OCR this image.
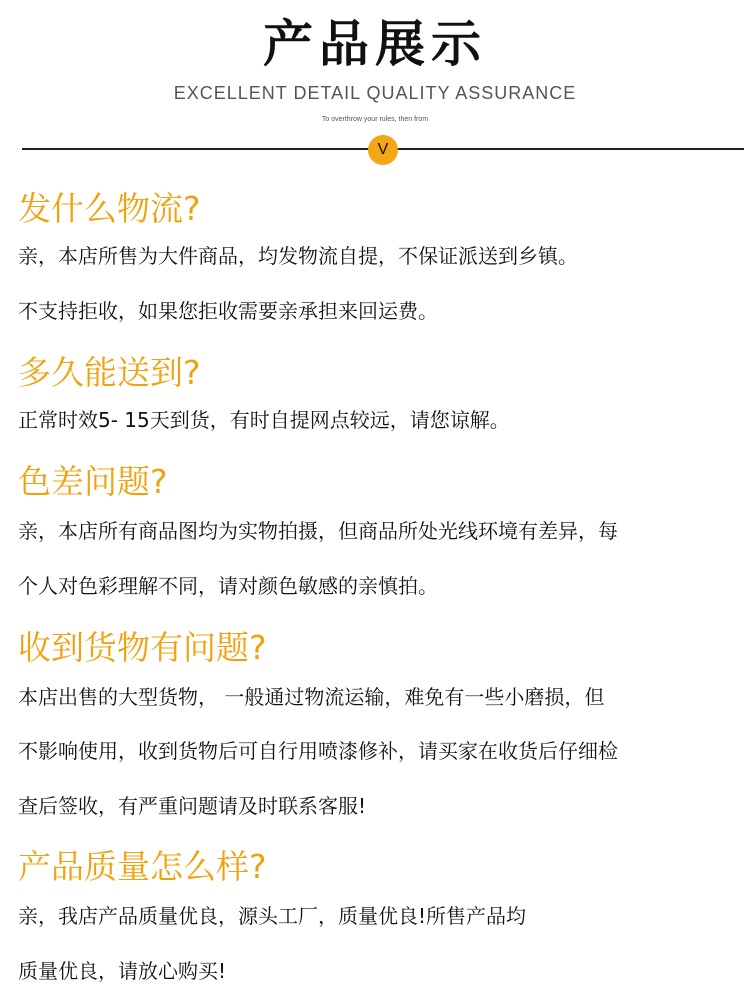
产品展示
EXCELLENT DETAIL QUALITY ASSURANCE
To overthrow your rules, then from
V
发什么物流?
亲，本店所售为大件商品，均发物流自提，不保证派送到乡镇。
不支持拒收，如果您拒收需要亲承担来回运费。
多久能送到?
正常时效5- 15天到货，有时自提网点较远，请您谅解。
色差问题?
亲，本店所有商品图均为实物拍摄，但商品所处光线环境有差异，每
个人对色彩理解不同，请对颜色敏感的亲慎拍。
收到货物有问题?
本店出售的大型货物， 一般通过物流运输，难免有一些小磨损，但
不影响使用，收到货物后可自行用喷漆修补，请买家在收货后仔细检
查后签收，有严重问题请及时联系客服!
产品质量怎么样?
亲，我店产品质量优良，源头工厂，质量优良!所售产品均
质量优良，请放心购买!
